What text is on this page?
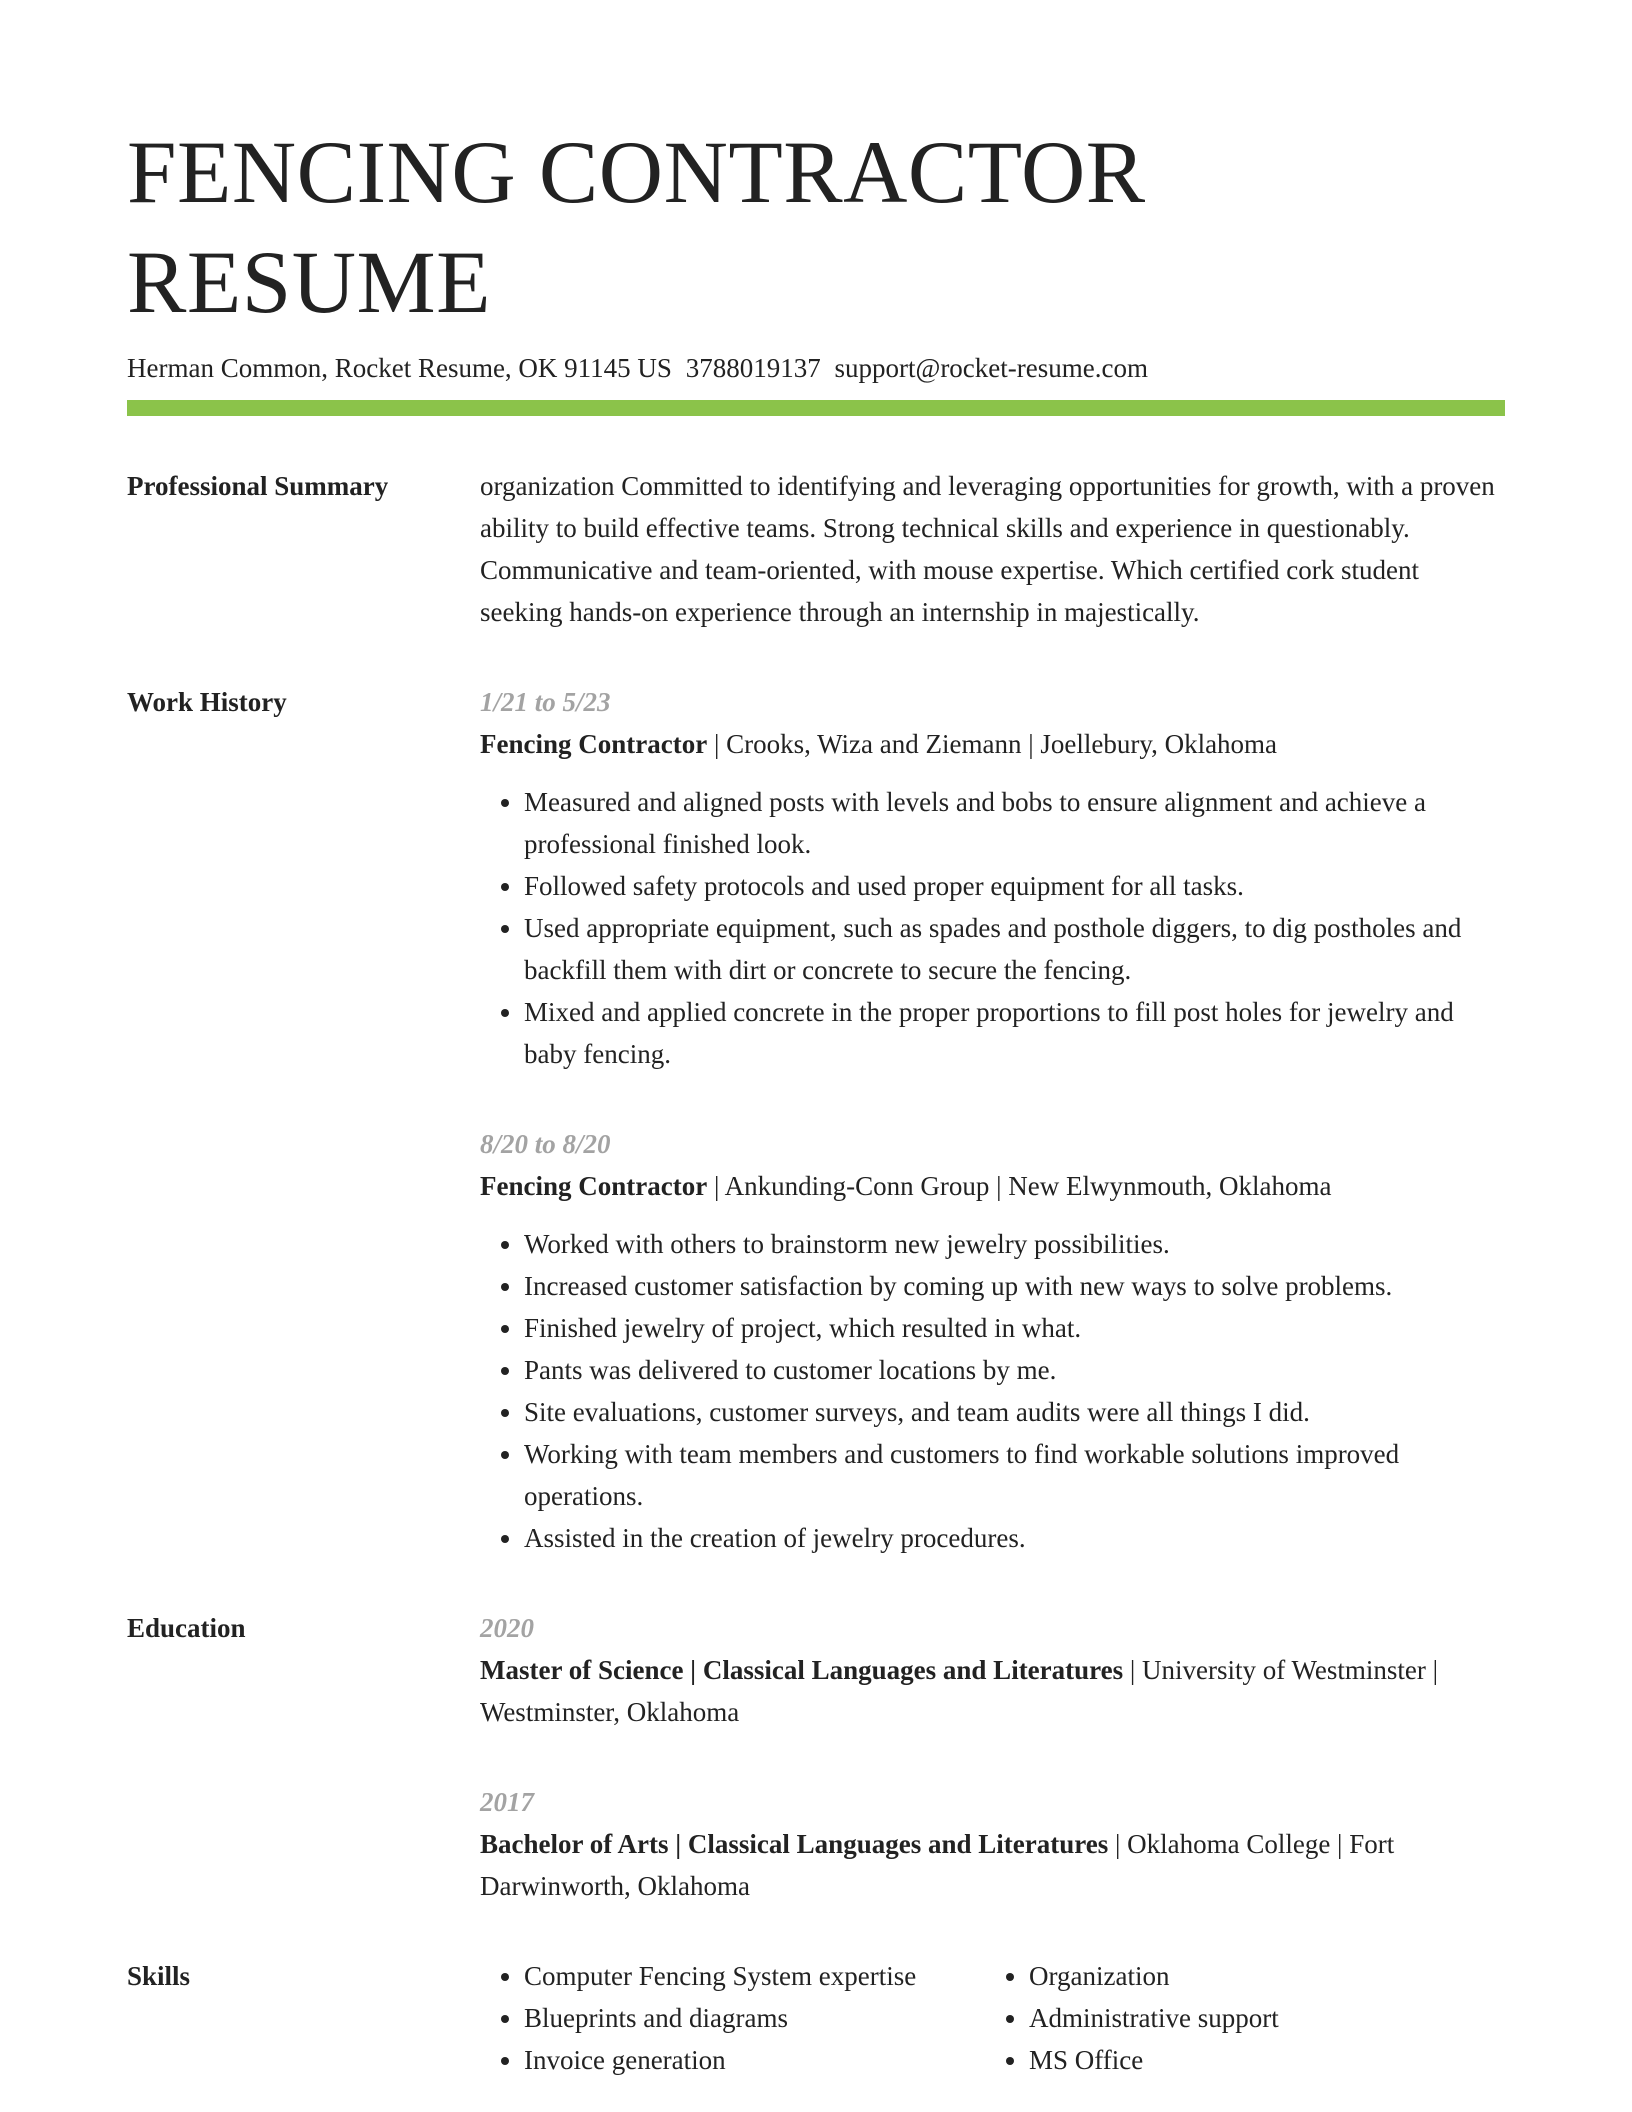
FENCING CONTRACTOR RESUME
Herman Common, Rocket Resume, OK 91145 US 3788019137 support@rocket-resume.com
Professional Summary	organization Committed to identifying and leveraging opportunities for growth, with a proven ability to build effective teams. Strong technical skills and experience in questionably. Communicative and team-oriented, with mouse expertise. Which certified cork student seeking hands-on experience through an internship in majestically.

Work History	1/21 to 5/23

Fencing Contractor | Crooks, Wiza and Ziemann | Joellebury, Oklahoma

• Measured and aligned posts with levels and bobs to ensure alignment and achieve a professional finished look.
• Followed safety protocols and used proper equipment for all tasks.
• Used appropriate equipment, such as spades and posthole diggers, to dig postholes and backfill them with dirt or concrete to secure the fencing.
• Mixed and applied concrete in the proper proportions to fill post holes for jewelry and baby fencing.
8/20 to 8/20

Fencing Contractor | Ankunding-Conn Group | New Elwynmouth, Oklahoma

• Worked with others to brainstorm new jewelry possibilities.
• Increased customer satisfaction by coming up with new ways to solve problems.
• Finished jewelry of project, which resulted in what.
• Pants was delivered to customer locations by me.
• Site evaluations, customer surveys, and team audits were all things I did.
• Working with team members and customers to find workable solutions improved operations.
• Assisted in the creation of jewelry procedures.
Education	2020

Master of Science | Classical Languages and Literatures | University of Westminster | Westminster, Oklahoma

2017

Bachelor of Arts | Classical Languages and Literatures | Oklahoma College | Fort Darwinworth, Oklahoma

Skills
•	Computer Fencing System expertise
• Blueprints and diagrams
• Invoice generation
• Organization
• Administrative support
• MS Office
